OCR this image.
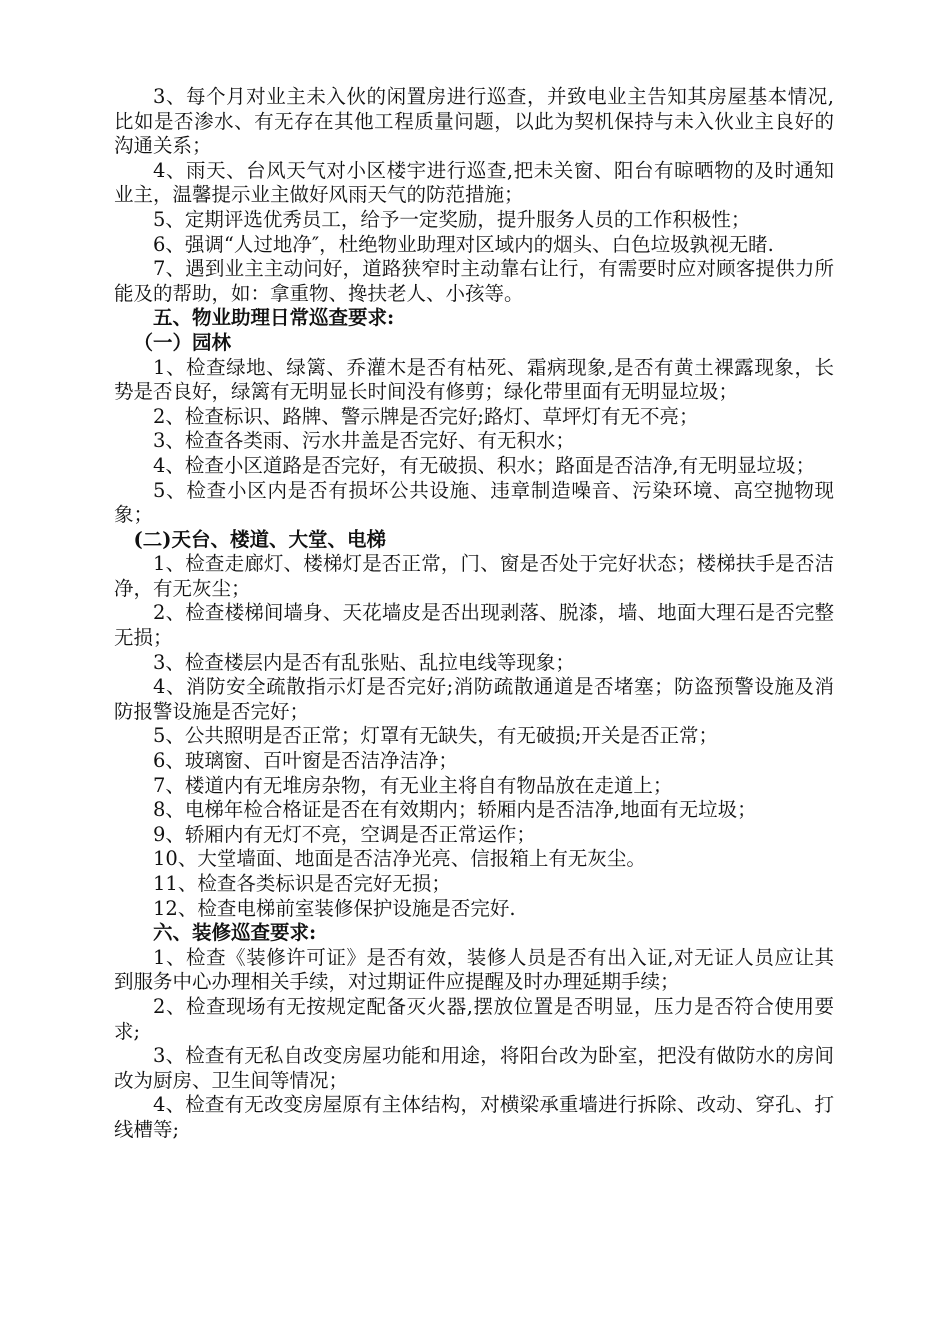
3、每个月对业主未入伙的闲置房进行巡查，并致电业主告知其房屋基本情况,比如是否渗水、有无存在其他工程质量问题，以此为契机保持与未入伙业主良好的沟通关系；

4、雨天、台风天气对小区楼宇进行巡查,把未关窗、阳台有晾晒物的及时通知业主，温馨提示业主做好风雨天气的防范措施；

5、定期评选优秀员工，给予一定奖励，提升服务人员的工作积极性；

6、强调“人过地净″，杜绝物业助理对区域内的烟头、白色垃圾孰视无睹.

7、遇到业主主动问好，道路狭窄时主动靠右让行，有需要时应对顾客提供力所能及的帮助，如：拿重物、搀扶老人、小孩等。

五、物业助理日常巡查要求:

（一）园林

1、检查绿地、绿篱、乔灌木是否有枯死、霜病现象,是否有黄土裸露现象，长势是否良好，绿篱有无明显长时间没有修剪；绿化带里面有无明显垃圾；

2、检查标识、路牌、警示牌是否完好;路灯、草坪灯有无不亮；

3、检查各类雨、污水井盖是否完好、有无积水；

4、检查小区道路是否完好，有无破损、积水；路面是否洁净,有无明显垃圾；

5、检查小区内是否有损坏公共设施、违章制造噪音、污染环境、高空抛物现象；

(二)天台、楼道、大堂、电梯

1、检查走廊灯、楼梯灯是否正常，门、窗是否处于完好状态；楼梯扶手是否洁净，有无灰尘；

2、检查楼梯间墙身、天花墙皮是否出现剥落、脱漆，墙、地面大理石是否完整无损；

3、检查楼层内是否有乱张贴、乱拉电线等现象；

4、消防安全疏散指示灯是否完好;消防疏散通道是否堵塞；防盗预警设施及消防报警设施是否完好；

5、公共照明是否正常；灯罩有无缺失，有无破损;开关是否正常；

6、玻璃窗、百叶窗是否洁净洁净；

7、楼道内有无堆房杂物，有无业主将自有物品放在走道上；

8、电梯年检合格证是否在有效期内；轿厢内是否洁净,地面有无垃圾；

9、轿厢内有无灯不亮，空调是否正常运作；

10、大堂墙面、地面是否洁净光亮、信报箱上有无灰尘。

11、检查各类标识是否完好无损；

12、检查电梯前室装修保护设施是否完好.

六、装修巡查要求:

1、检查《装修许可证》是否有效，装修人员是否有出入证,对无证人员应让其到服务中心办理相关手续，对过期证件应提醒及时办理延期手续；

2、检查现场有无按规定配备灭火器,摆放位置是否明显，压力是否符合使用要求;

3、检查有无私自改变房屋功能和用途，将阳台改为卧室，把没有做防水的房间改为厨房、卫生间等情况；

4、检查有无改变房屋原有主体结构，对横梁承重墙进行拆除、改动、穿孔、打线槽等;
